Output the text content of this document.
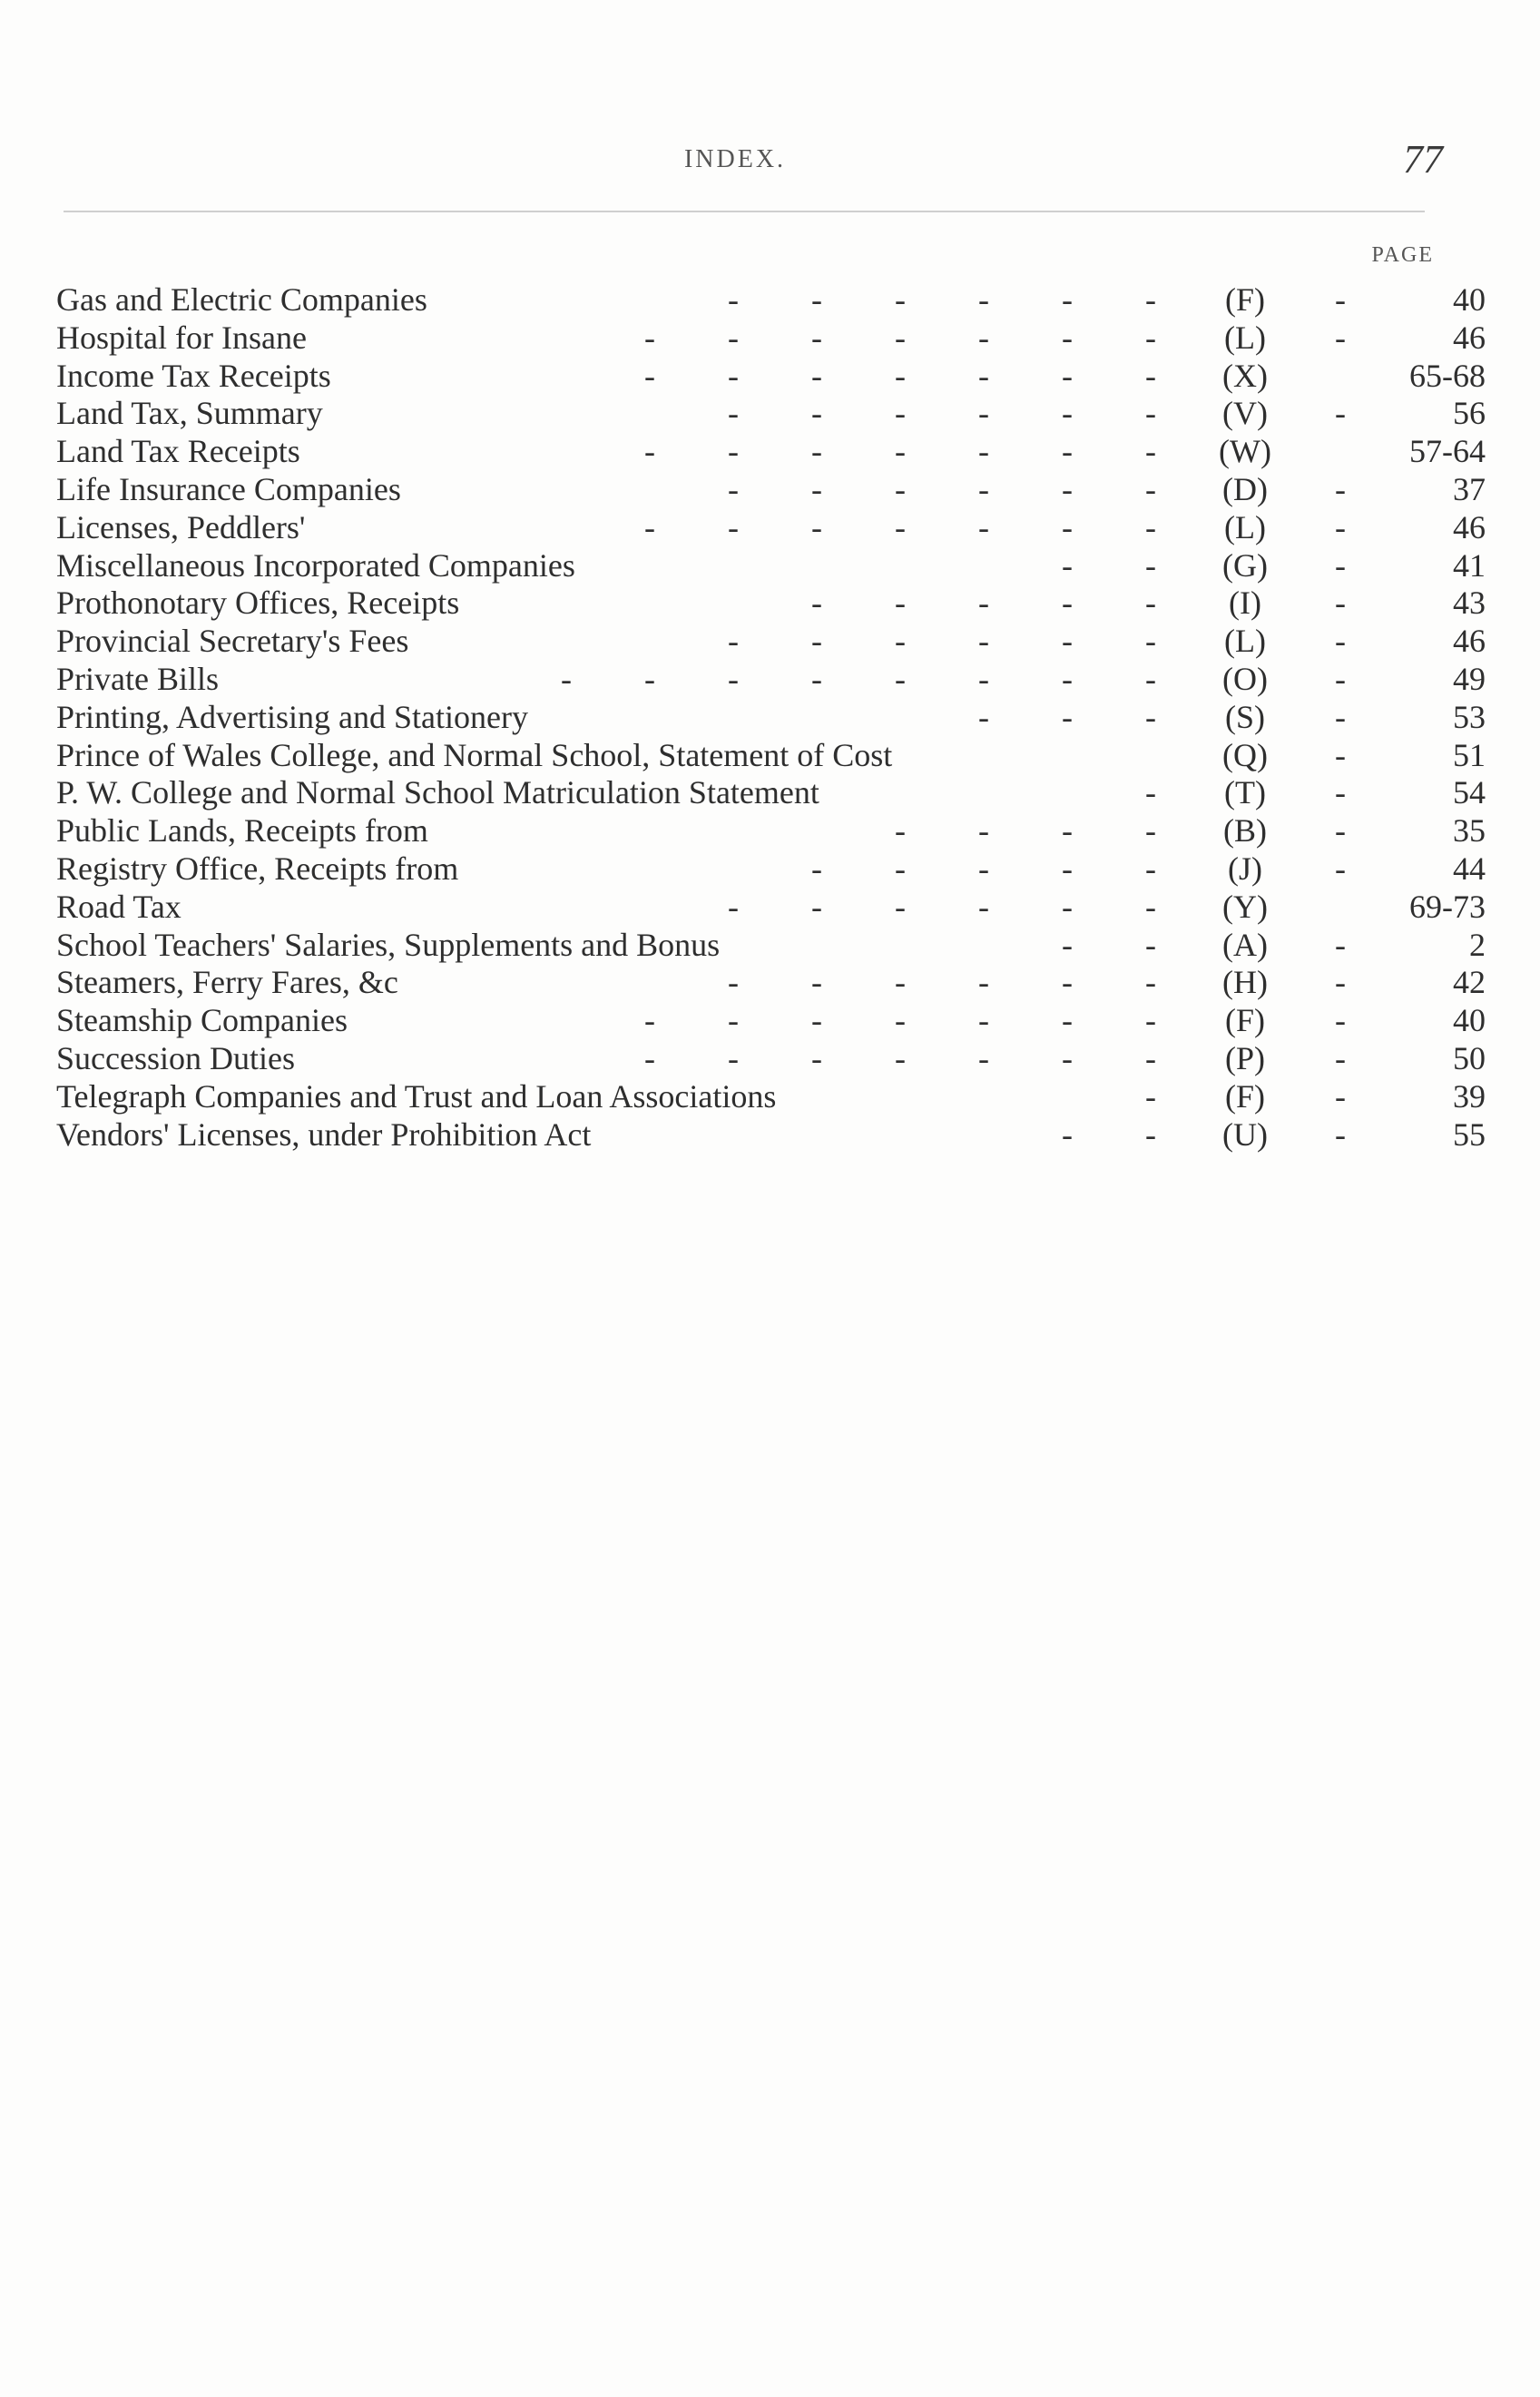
INDEX.	77
PAGE
Gas and Electric Companies	- - - - - -	(F)	-	40
Hospital for Insane	- - - - - - -	(L)	-	46
Income Tax Receipts	- - - - - - -	(X)	65-68
Land Tax, Summary	- - - - - -	(V)	-	56
Land Tax Receipts	- - - - - - -	(W)	57-64
Life Insurance Companies	- - - - - -	(D)	-	37
Licenses, Peddlers'	- - - - - - -	(L)	-	46
Miscellaneous Incorporated Companies	- -	(G)	-	41
Prothonotary Offices, Receipts	- - - - -	(I)	-	43
Provincial Secretary's Fees	- - - - - -	(L)	-	46
Private Bills	- - - - - - - -	(O)	-	49
Printing, Advertising and Stationery	- - -	(S)	-	53
Prince of Wales College, and Normal School, Statement of Cost	(Q)	-	51
P. W. College and Normal School Matriculation Statement	-	(T)	-	54
Public Lands, Receipts from	- - - -	(B)	-	35
Registry Office, Receipts from	- - - - -	(J)	-	44
Road Tax	- - - - - -	(Y)	69-73
School Teachers' Salaries, Supplements and Bonus	- -	(A)	-	2
Steamers, Ferry Fares, &c	- - - - - -	(H)	-	42
Steamship Companies	- - - - - - -	(F)	-	40
Succession Duties	- - - - - - -	(P)	-	50
Telegraph Companies and Trust and Loan Associations	-	(F)	-	39
Vendors' Licenses, under Prohibition Act	- -	(U)	-	55
